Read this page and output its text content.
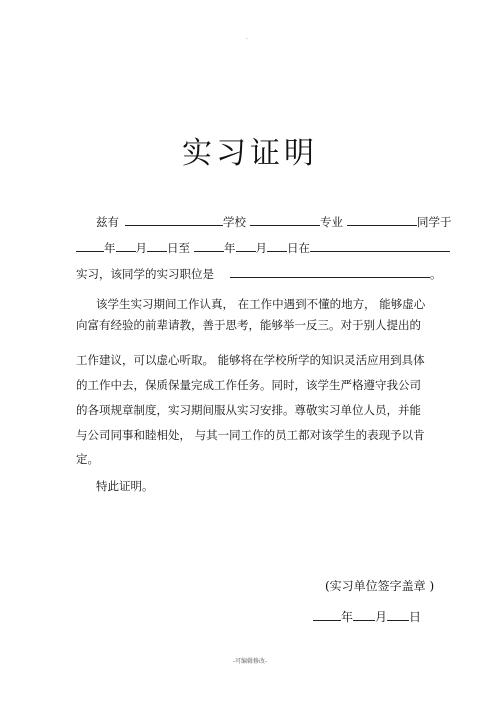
.
实习证明
兹有	学校	专业	同学于
年 月 日至	年 月 日在
实习，该同学的实习职位是	。
该学生实习期间工作认真， 在工作中遇到不懂的地方， 能够虚心
向富有经验的前辈请教，善于思考，能够举一反三。对于别人提出的
工作建议，可以虚心听取。 能够将在学校所学的知识灵活应用到具体
的工作中去，保质保量完成工作任务。同时，该学生严格遵守我公司
的各项规章制度，实习期间服从实习安排。尊敬实习单位人员，并能
与公司同事和睦相处， 与其一同工作的员工都对该学生的表现予以肯
定。
特此证明。
(实习单位签字盖章 )
年 月 日
-可编辑修改-
